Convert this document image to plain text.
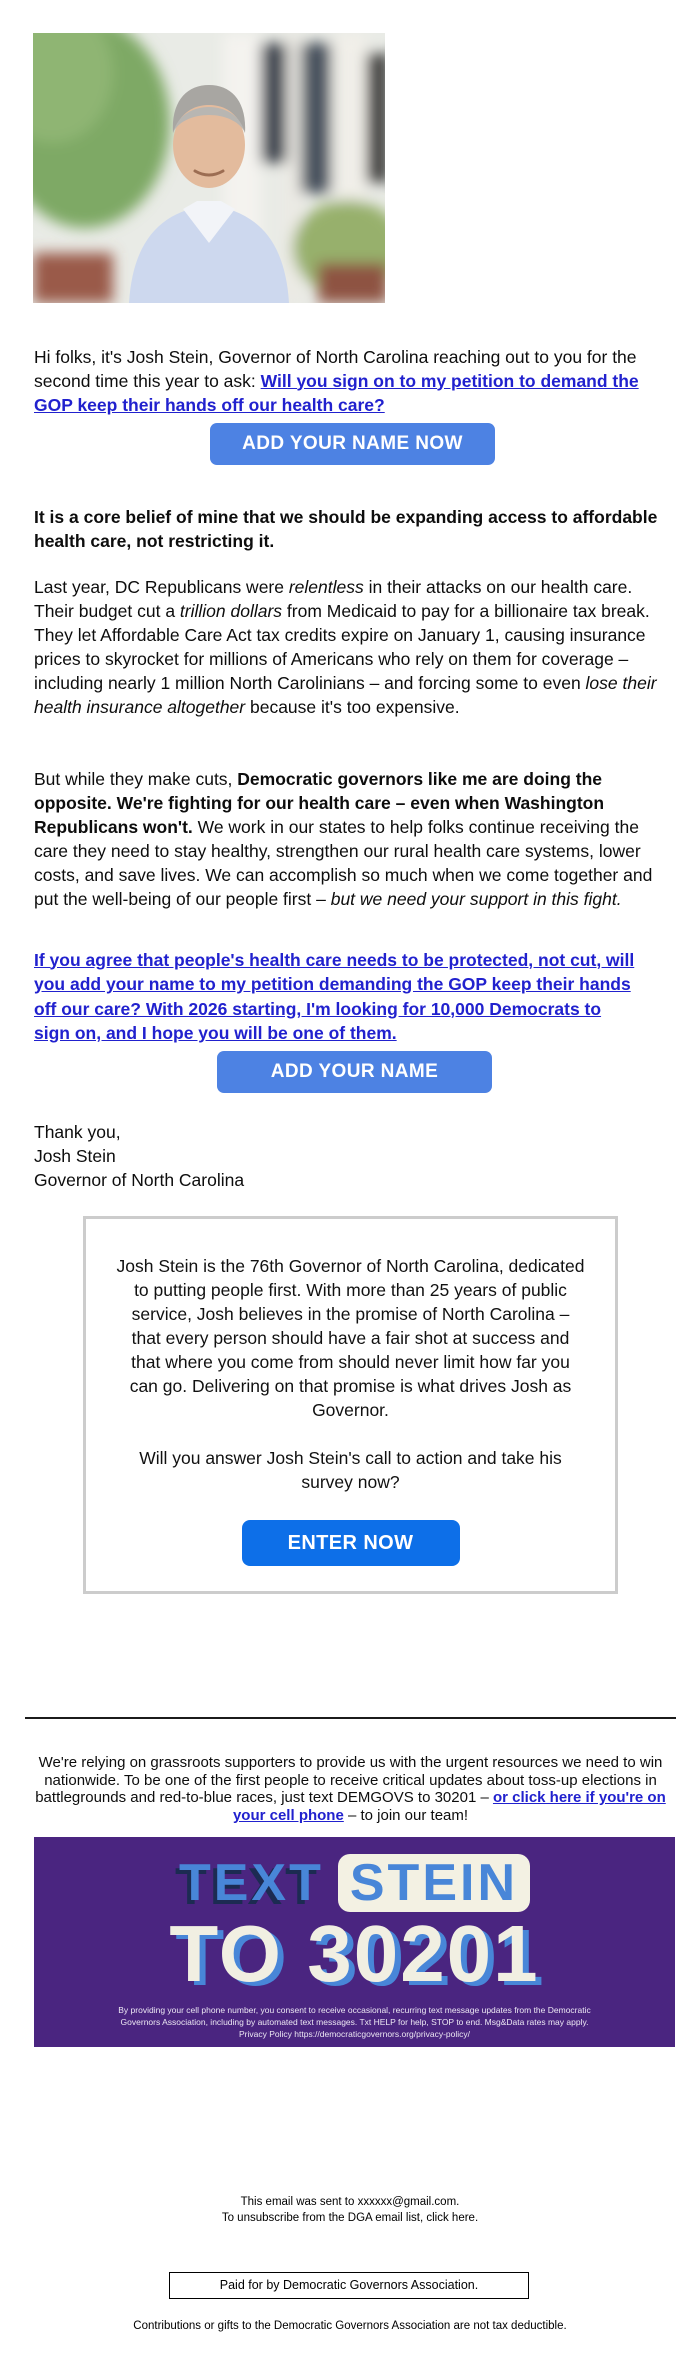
Hi folks, it's Josh Stein, Governor of North Carolina reaching out to you for the second time this year to ask: Will you sign on to my petition to demand the GOP keep their hands off our health care?

ADD YOUR NAME NOW

It is a core belief of mine that we should be expanding access to affordable health care, not restricting it.

Last year, DC Republicans were relentless in their attacks on our health care. Their budget cut a trillion dollars from Medicaid to pay for a billionaire tax break. They let Affordable Care Act tax credits expire on January 1, causing insurance prices to skyrocket for millions of Americans who rely on them for coverage – including nearly 1 million North Carolinians – and forcing some to even lose their health insurance altogether because it's too expensive.

But while they make cuts, Democratic governors like me are doing the opposite. We're fighting for our health care – even when Washington Republicans won't. We work in our states to help folks continue receiving the care they need to stay healthy, strengthen our rural health care systems, lower costs, and save lives. We can accomplish so much when we come together and put the well-being of our people first – but we need your support in this fight.

If you agree that people's health care needs to be protected, not cut, will you add your name to my petition demanding the GOP keep their hands off our care? With 2026 starting, I'm looking for 10,000 Democrats to sign on, and I hope you will be one of them.

ADD YOUR NAME
Thank you,
Josh Stein
Governor of North Carolina
Josh Stein is the 76th Governor of North Carolina, dedicated to putting people first. With more than 25 years of public service, Josh believes in the promise of North Carolina – that every person should have a fair shot at success and that where you come from should never limit how far you can go. Delivering on that promise is what drives Josh as Governor.
Will you answer Josh Stein's call to action and take his survey now?
ENTER NOW

We're relying on grassroots supporters to provide us with the urgent resources we need to win nationwide. To be one of the first people to receive critical updates about toss-up elections in battlegrounds and red-to-blue races, just text DEMGOVS to 30201 – or click here if you're on your cell phone – to join our team!

TEXT STEIN
TO 30201
By providing your cell phone number, you consent to receive occasional, recurring text message updates from the Democratic
Governors Association, including by automated text messages. Txt HELP for help, STOP to end. Msg&Data rates may apply.
Privacy Policy https://democraticgovernors.org/privacy-policy/
This email was sent to xxxxxx@gmail.com.
To unsubscribe from the DGA email list, click here.
Paid for by Democratic Governors Association.
Contributions or gifts to the Democratic Governors Association are not tax deductible.
